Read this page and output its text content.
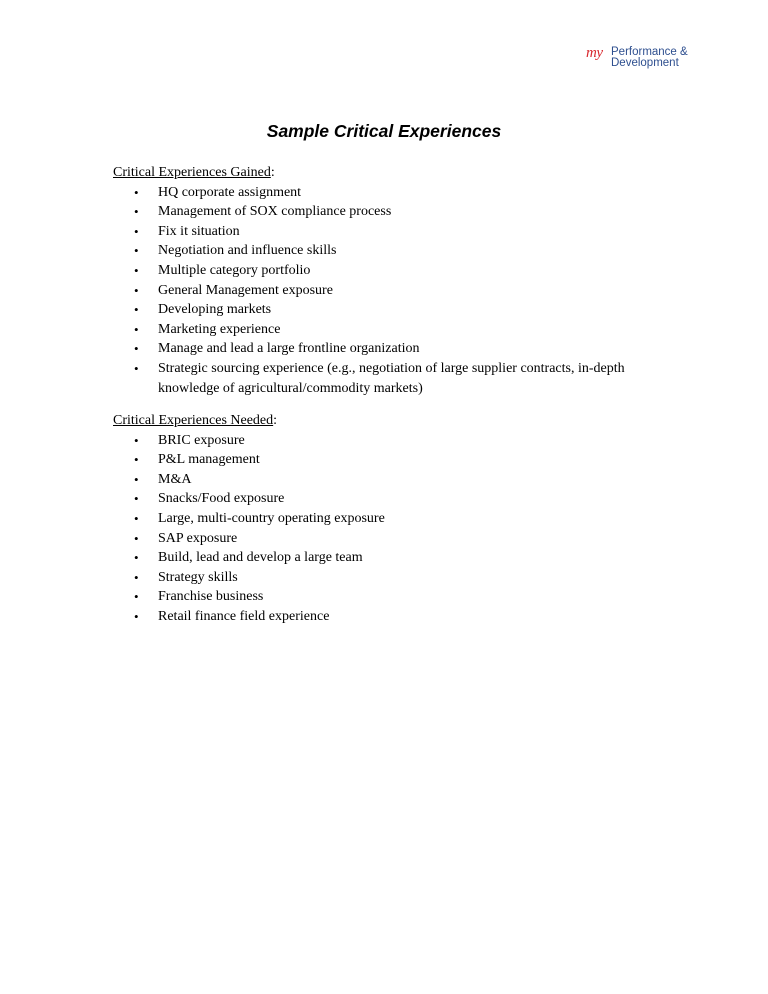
my Performance &
Development
Sample Critical Experiences
Critical Experiences Gained:
• HQ corporate assignment
• Management of SOX compliance process
• Fix it situation
• Negotiation and influence skills
• Multiple category portfolio
• General Management exposure
• Developing markets
• Marketing experience
• Manage and lead a large frontline organization
• Strategic sourcing experience (e.g., negotiation of large supplier contracts, in-depth knowledge of agricultural/commodity markets)
Critical Experiences Needed:
• BRIC exposure
• P&L management
• M&A
• Snacks/Food exposure
• Large, multi-country operating exposure
• SAP exposure
• Build, lead and develop a large team
• Strategy skills
• Franchise business
• Retail finance field experience
